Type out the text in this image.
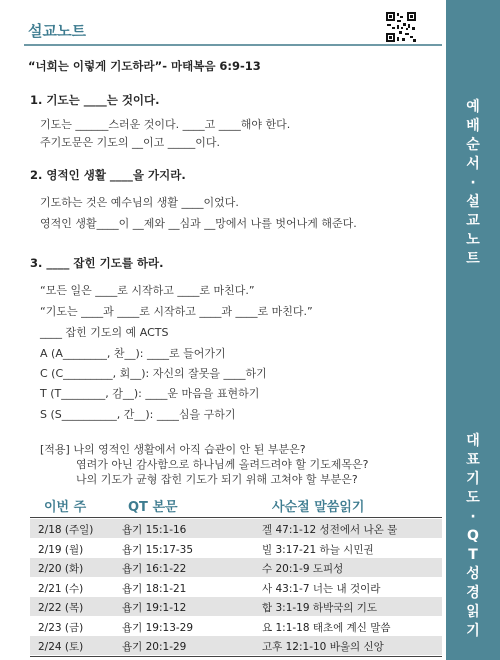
설교노트
“너희는 이렇게 기도하라”- 마태복음 6:9-13
1. 기도는 ____는 것이다.
기도는 ______스러운 것이다. ____고 ____해야 한다.
주기도문은 기도의 __이고 _____이다.
2. 영적인 생활 ____을 가지라.
기도하는 것은 예수님의 생활 ____이었다.
영적인 생활____이 __제와 __심과 __망에서 나를 벗어나게 해준다.
3. ____ 잡힌 기도를 하라.
“모든 일은 ____로 시작하고 ____로 마친다.”
“기도는 ____과 ____로 시작하고 ____과 ____로 마친다.”
____ 잡힌 기도의 예 ACTS
A (A________, 찬__): ____로 들어가기
C (C_________, 회__): 자신의 잘못을 ____하기
T (T________, 감__): ____운 마음을 표현하기
S (S__________, 간__): ____심을 구하기
[적용] 나의 영적인 생활에서 아직 습관이 안 된 부분은?
염려가 아닌 감사함으로 하나님께 올려드려야 할 기도제목은?
나의 기도가 균형 잡힌 기도가 되기 위해 고쳐야 할 부분은?
이번 주	QT 본문	사순절 말씀읽기
2/18 (주일)	욥기 15:1-16	겔 47:1-12 성전에서 나온 물
2/19 (월)	욥기 15:17-35	빌 3:17-21 하늘 시민권
2/20 (화)	욥기 16:1-22	수 20:1-9 도피성
2/21 (수)	욥기 18:1-21	사 43:1-7 너는 내 것이라
2/22 (목)	욥기 19:1-12	합 3:1-19 하박국의 기도
2/23 (금)	욥기 19:13-29	요 1:1-18 태초에 계신 말씀
2/24 (토)	욥기 20:1-29	고후 12:1-10 바울의 신앙
예
배
순
서
·
설
교
노
트
대
표
기
도
·
Q
T
성
경
읽
기
